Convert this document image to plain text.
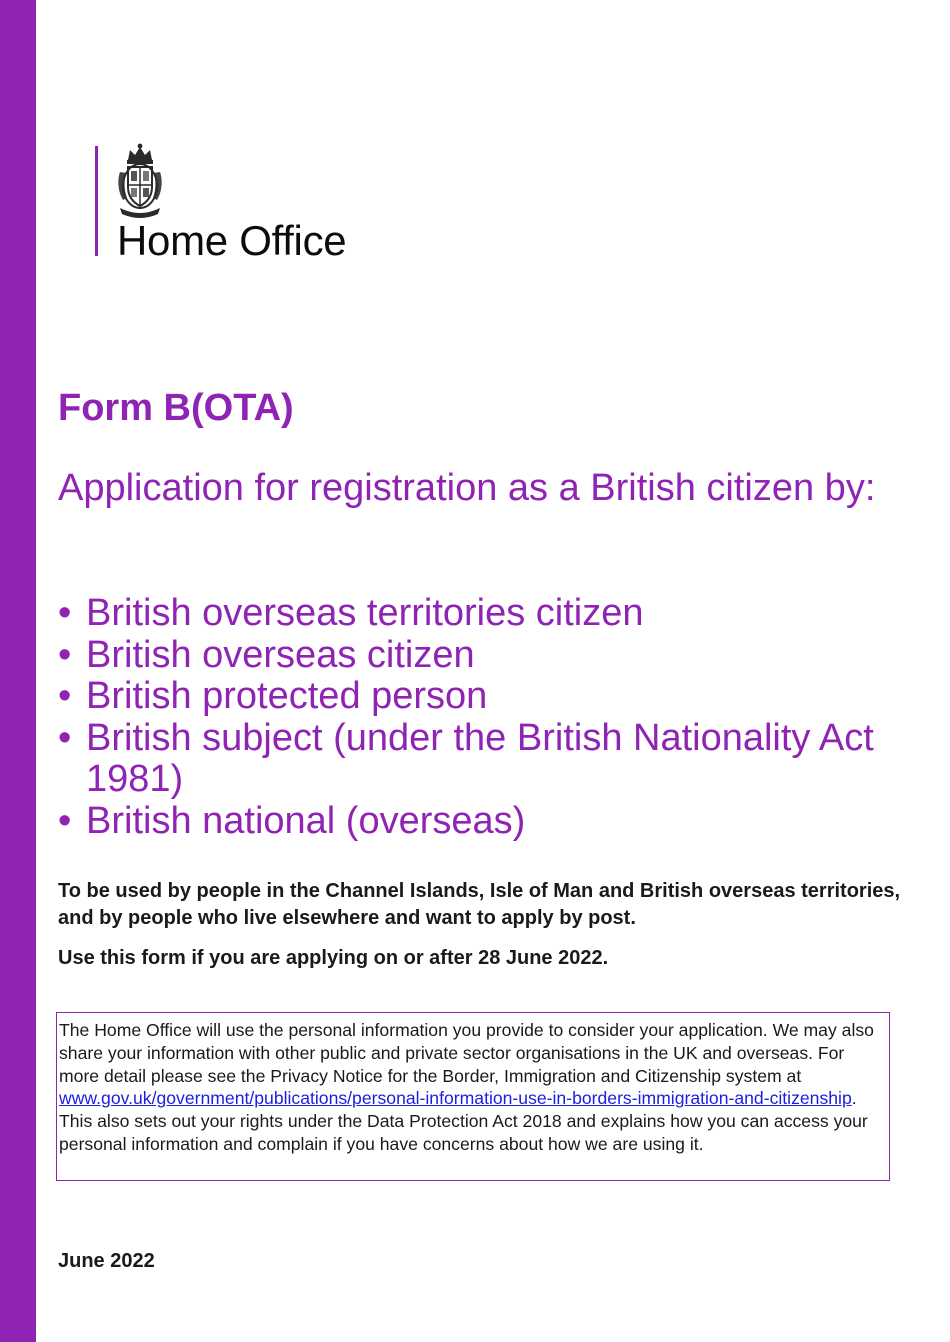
Home Office
Form B(OTA)
Application for registration as a British citizen by:
• British overseas territories citizen
• British overseas citizen
• British protected person
• British subject (under the British Nationality Act 1981)
• British national (overseas)

To be used by people in the Channel Islands, Isle of Man and British overseas territories, and by people who live elsewhere and want to apply by post.

Use this form if you are applying on or after 28 June 2022.

The Home Office will use the personal information you provide to consider your application. We may also share your information with other public and private sector organisations in the UK and overseas. For more detail please see the Privacy Notice for the Border, Immigration and Citizenship system at www.gov.uk/government/publications/personal-information-use-in-borders-immigration-and-citizenship. This also sets out your rights under the Data Protection Act 2018 and explains how you can access your personal information and complain if you have concerns about how we are using it.

June 2022
